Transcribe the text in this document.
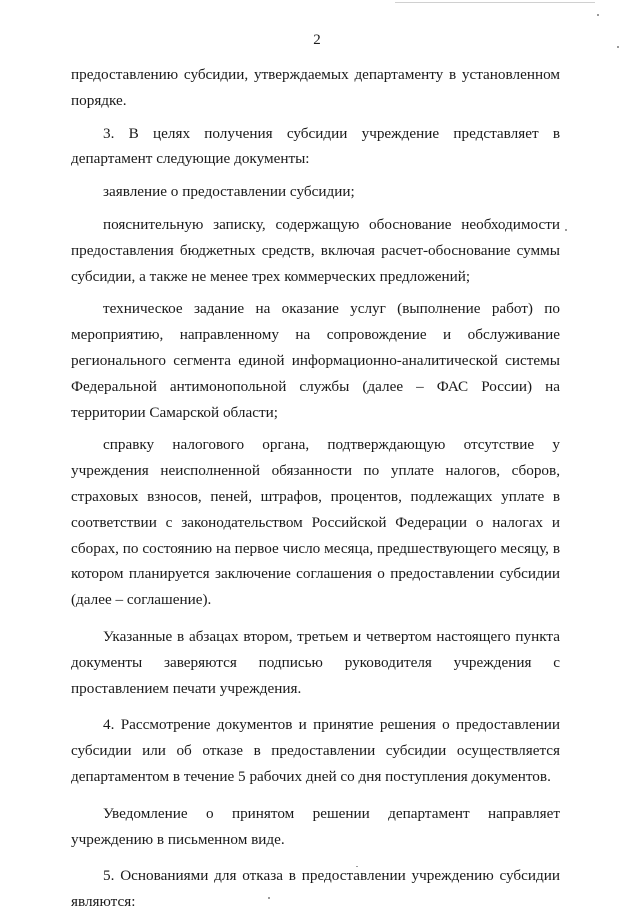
2

предоставлению субсидии, утверждаемых департаменту в установленном порядке.

3. В целях получения субсидии учреждение представляет в департамент следующие документы:

заявление о предоставлении субсидии;

пояснительную записку, содержащую обоснование необходимости предоставления бюджетных средств, включая расчет-обоснование суммы субсидии, а также не менее трех коммерческих предложений;

техническое задание на оказание услуг (выполнение работ) по мероприятию, направленному на сопровождение и обслуживание регионального сегмента единой информационно-аналитической системы Федеральной антимонопольной службы (далее – ФАС России) на территории Самарской области;

справку налогового органа, подтверждающую отсутствие у учреждения неисполненной обязанности по уплате налогов, сборов, страховых взносов, пеней, штрафов, процентов, подлежащих уплате в соответствии с законодательством Российской Федерации о налогах и сборах, по состоянию на первое число месяца, предшествующего месяцу, в котором планируется заключение соглашения о предоставлении субсидии (далее – соглашение).

Указанные в абзацах втором, третьем и четвертом настоящего пункта документы заверяются подписью руководителя учреждения с проставлением печати учреждения.

4. Рассмотрение документов и принятие решения о предоставлении субсидии или об отказе в предоставлении субсидии осуществляется департаментом в течение 5 рабочих дней со дня поступления документов.

Уведомление о принятом решении департамент направляет учреждению в письменном виде.

5. Основаниями для отказа в предоставлении учреждению субсидии являются:
